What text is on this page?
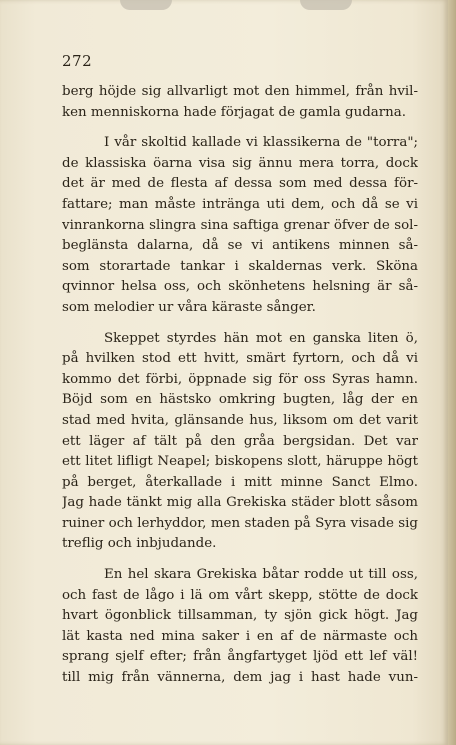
272
berg höjde sig allvarligt mot den himmel, från hvil-
ken menniskorna hade förjagat de gamla gudarna.
I vår skoltid kallade vi klassikerna de "torra";
de klassiska öarna visa sig ännu mera torra, dock
det är med de flesta af dessa som med dessa för-
fattare; man måste intränga uti dem, och då se vi
vinrankorna slingra sina saftiga grenar öfver de sol-
beglänsta dalarna, då se vi antikens minnen så-
som storartade tankar i skaldernas verk. Sköna
qvinnor helsa oss, och skönhetens helsning är så-
som melodier ur våra käraste sånger.
Skeppet styrdes hän mot en ganska liten ö,
på hvilken stod ett hvitt, smärt fyrtorn, och då vi
kommo det förbi, öppnade sig för oss Syras hamn.
Böjd som en hästsko omkring bugten, låg der en
stad med hvita, glänsande hus, liksom om det varit
ett läger af tält på den gråa bergsidan. Det var
ett litet lifligt Neapel; biskopens slott, häruppe högt
på berget, återkallade i mitt minne Sanct Elmo.
Jag hade tänkt mig alla Grekiska städer blott såsom
ruiner och lerhyddor, men staden på Syra visade sig
treflig och inbjudande.
En hel skara Grekiska båtar rodde ut till oss,
och fast de lågo i lä om vårt skepp, stötte de dock
hvart ögonblick tillsamman, ty sjön gick högt. Jag
lät kasta ned mina saker i en af de närmaste och
sprang sjelf efter; från ångfartyget ljöd ett lef väl!
till mig från vännerna, dem jag i hast hade vun-
